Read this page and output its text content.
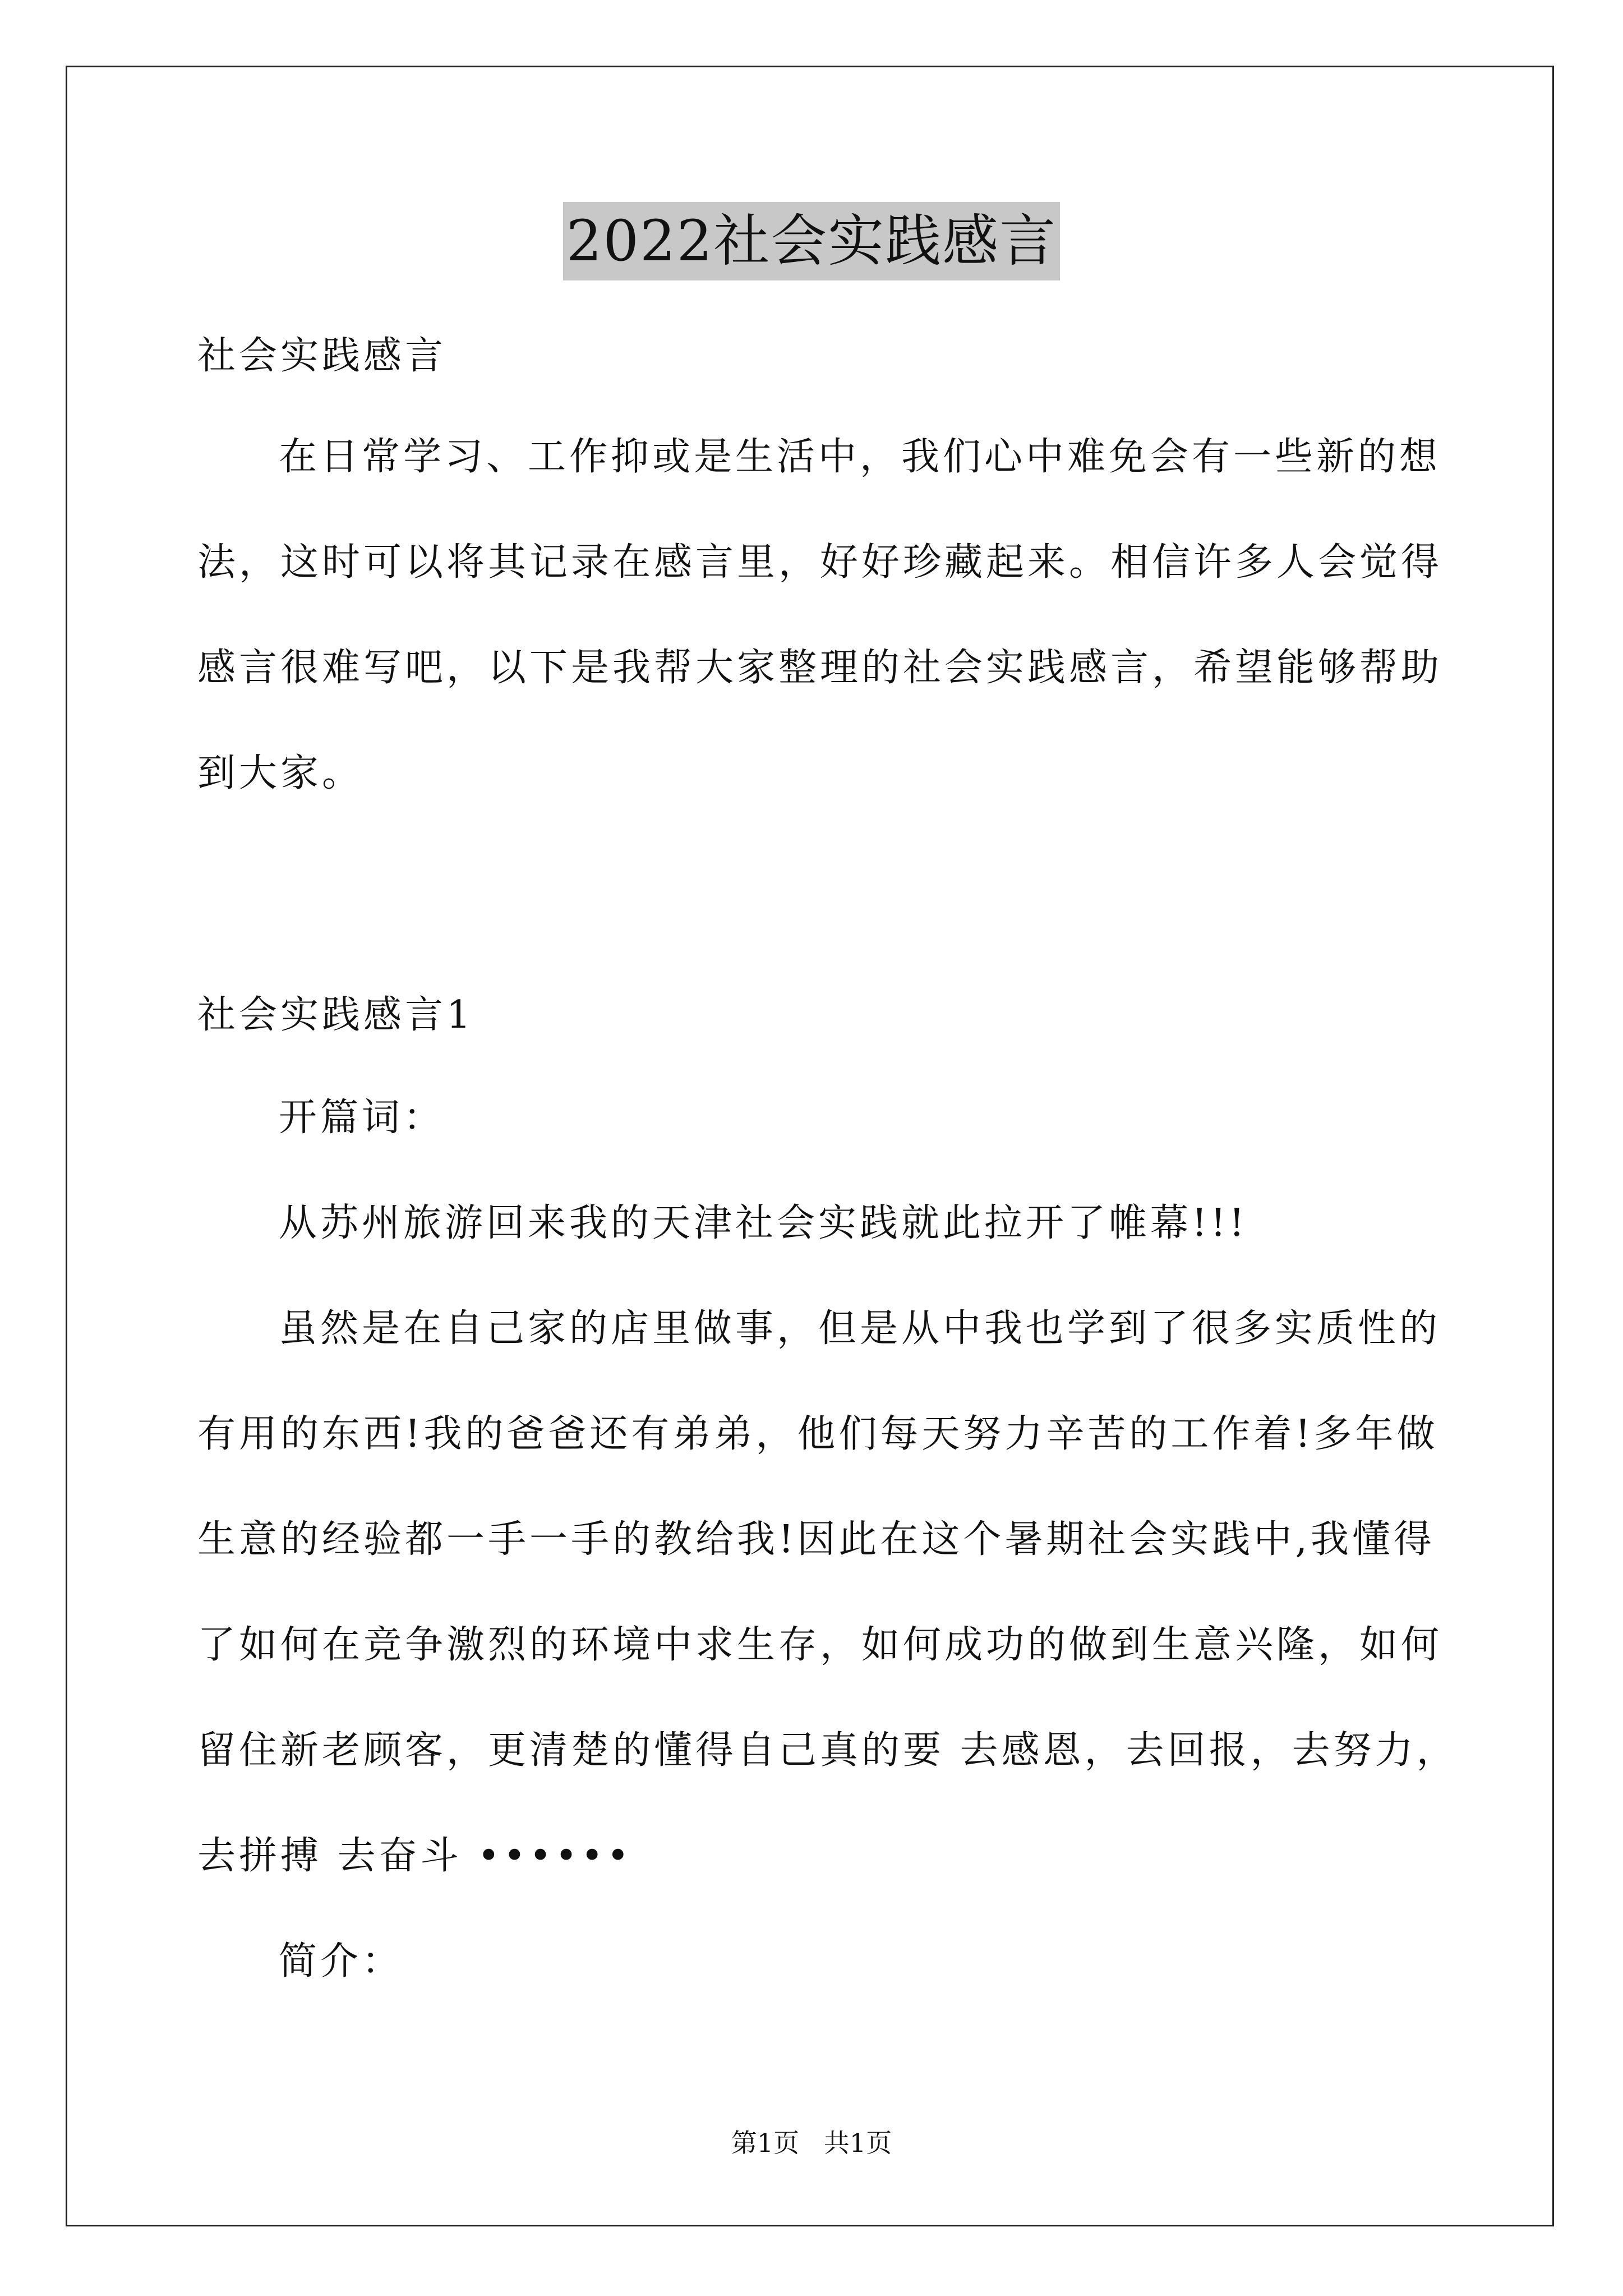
2022社会实践感言
社会实践感言
在日常学习、工作抑或是生活中，我们心中难免会有一些新的想
法，这时可以将其记录在感言里，好好珍藏起来。相信许多人会觉得
感言很难写吧，以下是我帮大家整理的社会实践感言，希望能够帮助
到大家。
社会实践感言1
开篇词：
从苏州旅游回来我的天津社会实践就此拉开了帷幕!!!
虽然是在自己家的店里做事，但是从中我也学到了很多实质性的
有用的东西!我的爸爸还有弟弟，他们每天努力辛苦的工作着!多年做
生意的经验都一手一手的教给我!因此在这个暑期社会实践中,我懂得
了如何在竞争激烈的环境中求生存，如何成功的做到生意兴隆，如何
留住新老顾客，更清楚的懂得自己真的要 去感恩，去回报，去努力，
去拼搏 去奋斗 ••••••
简介：
第1页   共1页
